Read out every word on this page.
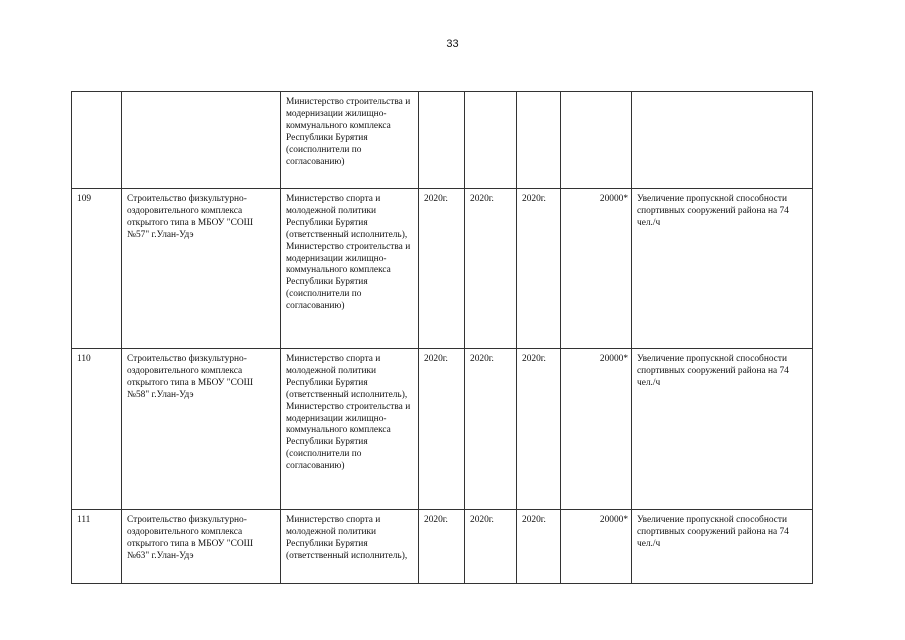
33
		Министерство строительства и модернизации жилищно-коммунального комплекса Республики Бурятия (соисполнители по согласованию)					
109	Строительство физкультурно-оздоровительного комплекса открытого типа в МБОУ "СОШ №57" г.Улан-Удэ	Министерство спорта и молодежной политики Республики Бурятия (ответственный исполнитель), Министерство строительства и модернизации жилищно-коммунального комплекса Республики Бурятия (соисполнители по согласованию)	2020г.	2020г.	2020г.	20000*	Увеличение пропускной способности спортивных сооружений района на 74 чел./ч
110	Строительство физкультурно-оздоровительного комплекса открытого типа в МБОУ "СОШ №58" г.Улан-Удэ	Министерство спорта и молодежной политики Республики Бурятия (ответственный исполнитель), Министерство строительства и модернизации жилищно-коммунального комплекса Республики Бурятия (соисполнители по согласованию)	2020г.	2020г.	2020г.	20000*	Увеличение пропускной способности спортивных сооружений района на 74 чел./ч
111	Строительство физкультурно-оздоровительного комплекса открытого типа в МБОУ "СОШ №63" г.Улан-Удэ	Министерство спорта и молодежной политики Республики Бурятия (ответственный исполнитель),	2020г.	2020г.	2020г.	20000*	Увеличение пропускной способности спортивных сооружений района на 74 чел./ч
